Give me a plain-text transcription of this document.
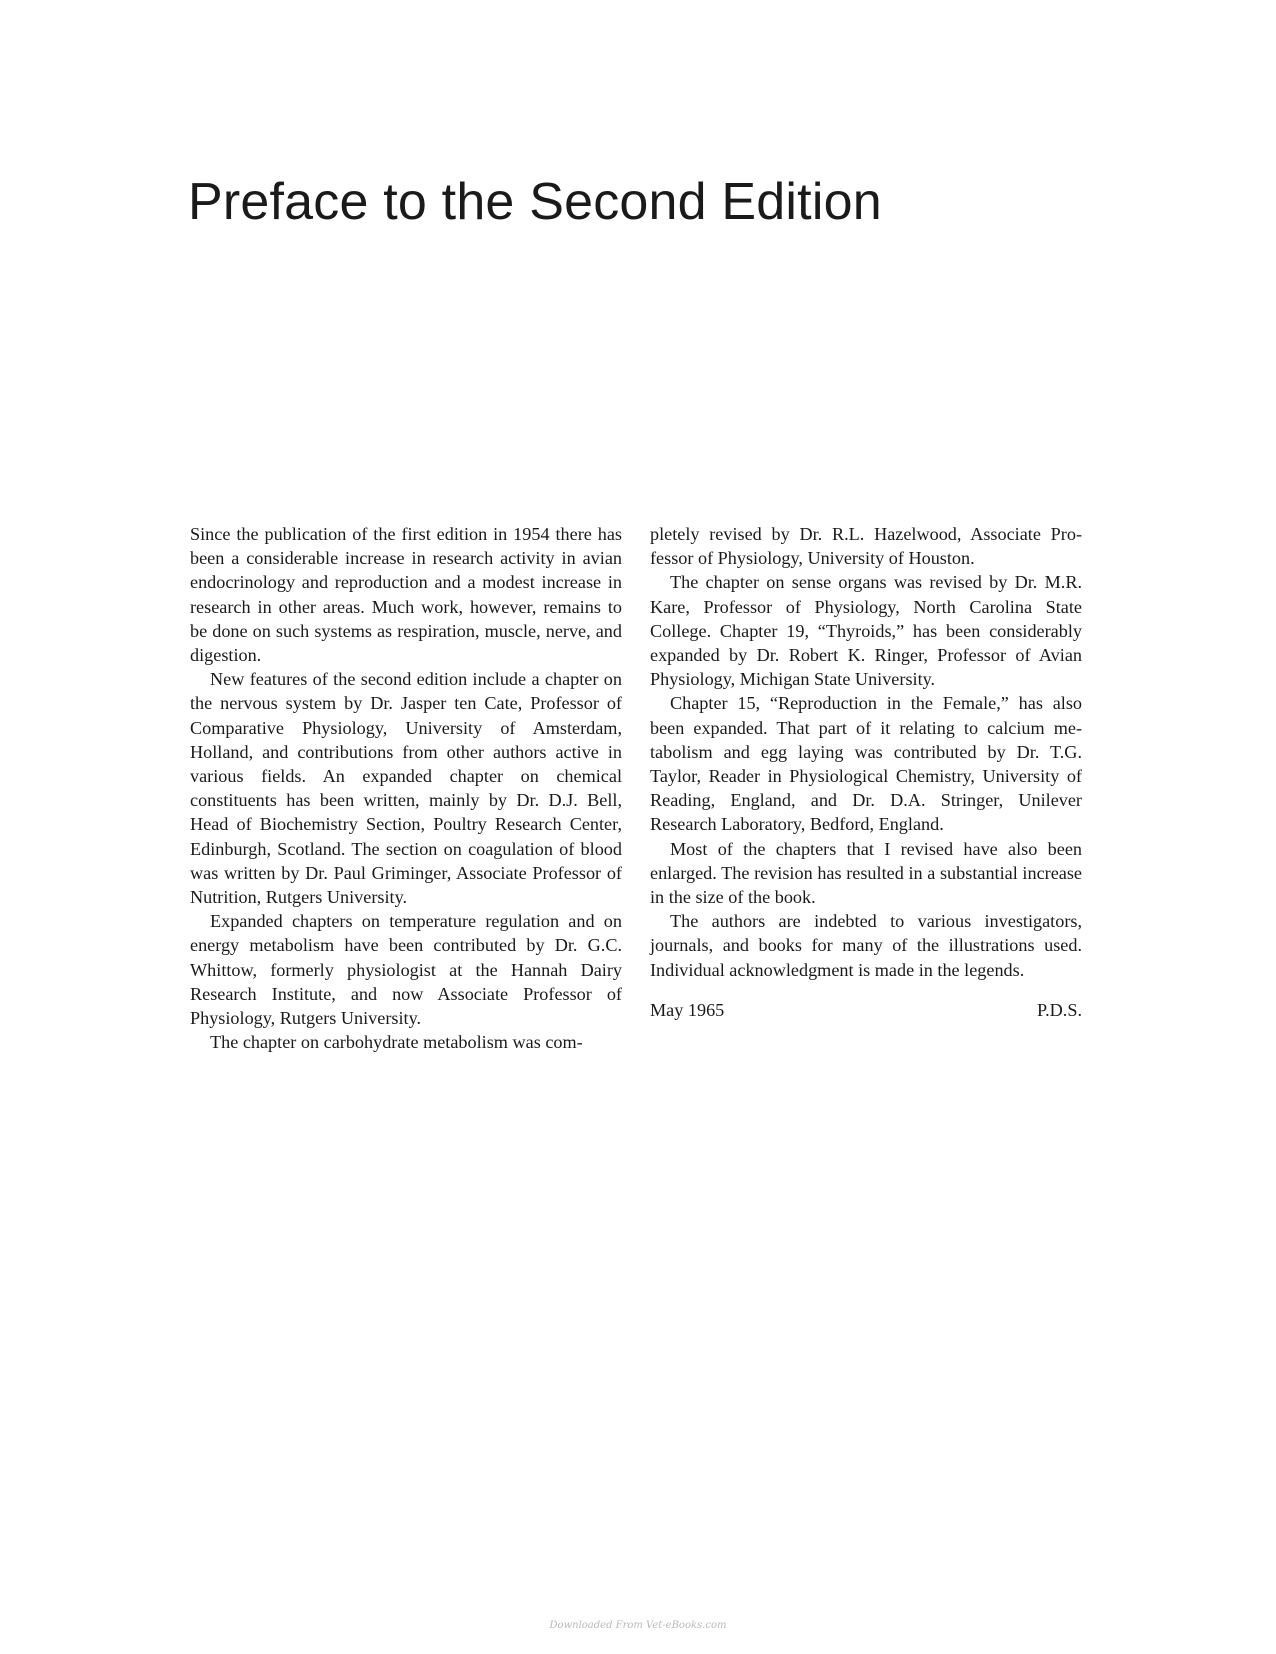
Preface to the Second Edition

Since the publication of the first edition in 1954 there has been a considerable increase in research activity in avian endocrinology and reproduction and a modest increase in research in other areas. Much work, however, remains to be done on such systems as respiration, muscle, nerve, and digestion.

New features of the second edition include a chapter on the nervous system by Dr. Jasper ten Cate, Professor of Comparative Physiology, University of Amsterdam, Holland, and contributions from other authors active in various fields. An expanded chapter on chemical constituents has been written, mainly by Dr. D.J. Bell, Head of Biochemistry Section, Poultry Research Center, Edinburgh, Scotland. The section on coagulation of blood was written by Dr. Paul Griminger, Associate Professor of Nutrition, Rutgers University.

Expanded chapters on temperature regulation and on energy metabolism have been contributed by Dr. G.C. Whittow, formerly physiologist at the Hannah Dairy Research Institute, and now Associate Professor of Physiology, Rutgers University.

The chapter on carbohydrate metabolism was com-

pletely revised by Dr. R.L. Hazelwood, Associate Professor of Physiology, University of Houston.

The chapter on sense organs was revised by Dr. M.R. Kare, Professor of Physiology, North Carolina State College. Chapter 19, “Thyroids,” has been considerably expanded by Dr. Robert K. Ringer, Professor of Avian Physiology, Michigan State University.

Chapter 15, “Reproduction in the Female,” has also been expanded. That part of it relating to calcium metabolism and egg laying was contributed by Dr. T.G. Taylor, Reader in Physiological Chemistry, University of Reading, England, and Dr. D.A. Stringer, Unilever Research Laboratory, Bedford, England.

Most of the chapters that I revised have also been enlarged. The revision has resulted in a substantial increase in the size of the book.

The authors are indebted to various investigators, journals, and books for many of the illustrations used. Individual acknowledgment is made in the legends.

May 1965	P.D.S.
Downloaded From Vet-eBooks.com
